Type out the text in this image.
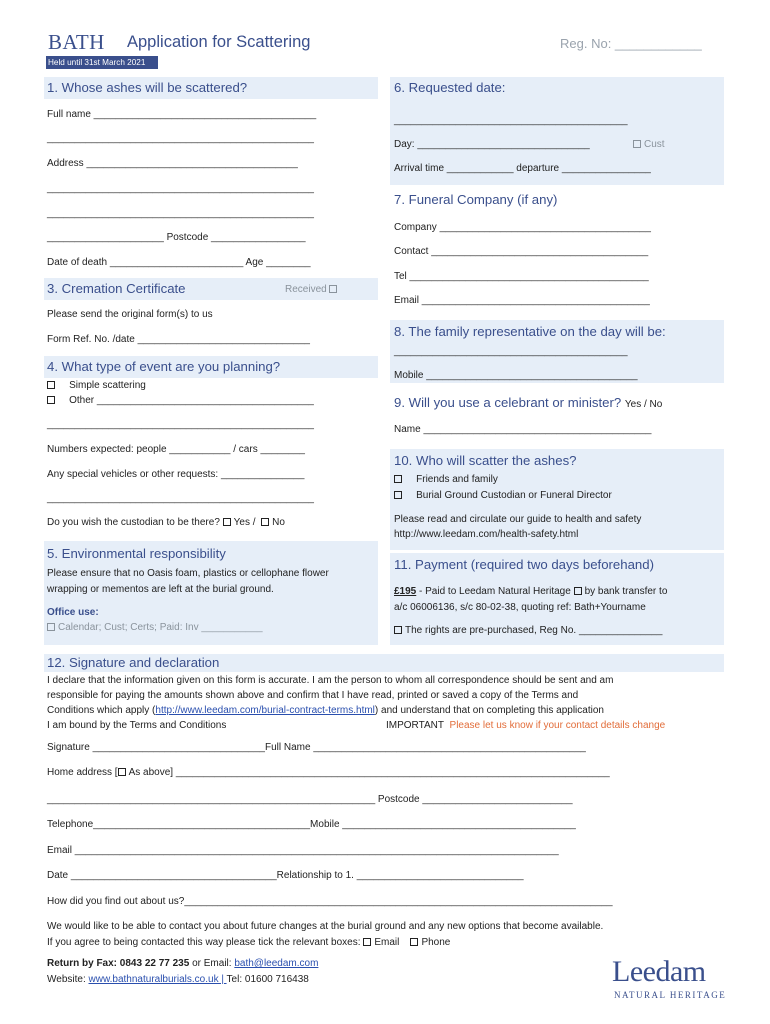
BATH Application for Scattering	Reg. No: ____________
Held until 31st March 2021
1. Whose ashes will be scattered?
Full name ________________________________________
________________________________________________
Address ______________________________________
________________________________________________
________________________________________________
_____________________ Postcode _________________
Date of death ________________________ Age ________
3. Cremation Certificate	Received
Please send the original form(s) to us
Form Ref. No. /date _______________________________
4. What type of event are you planning?
Simple scattering
Other _______________________________________
________________________________________________
Numbers expected: people ___________ / cars ________
Any special vehicles or other requests: _______________
________________________________________________
Do you wish the custodian to be there? Yes / No
5. Environmental responsibility
Please ensure that no Oasis foam, plastics or cellophane flower
wrapping or mementos are left at the burial ground.
Office use:
Calendar; Cust; Certs; Paid: Inv ___________
6. Requested date:
__________________________________________
Day: _______________________________	Cust
Arrival time ____________ departure ________________
7. Funeral Company (if any)
Company ______________________________________
Contact _______________________________________
Tel ___________________________________________
Email _________________________________________
8. The family representative on the day will be:
__________________________________________
Mobile ______________________________________
9. Will you use a celebrant or minister? Yes / No
Name _________________________________________
10. Who will scatter the ashes?
Friends and family
Burial Ground Custodian or Funeral Director
Please read and circulate our guide to health and safety
http://www.leedam.com/health-safety.html
11. Payment (required two days beforehand)
£195 - Paid to Leedam Natural Heritage by bank transfer to
a/c 06006136, s/c 80-02-38, quoting ref: Bath+Yourname
The rights are pre-purchased, Reg No. _______________
12. Signature and declaration
I declare that the information given on this form is accurate. I am the person to whom all correspondence should be sent and am
responsible for paying the amounts shown above and confirm that I have read, printed or saved a copy of the Terms and
Conditions which apply (http://www.leedam.com/burial-contract-terms.html) and understand that on completing this application
I am bound by the Terms and Conditions	IMPORTANT Please let us know if your contact details change
Signature _______________________________Full Name _________________________________________________
Home address [ As above] ______________________________________________________________________________
___________________________________________________________ Postcode ___________________________
Telephone_______________________________________Mobile __________________________________________
Email _______________________________________________________________________________________
Date _____________________________________Relationship to 1. ______________________________
How did you find out about us?_____________________________________________________________________________
We would like to be able to contact you about future changes at the burial ground and any new options that become available.
If you agree to being contacted this way please tick the relevant boxes: Email Phone
Return by Fax: 0843 22 77 235 or Email: bath@leedam.com
Website: www.bathnaturalburials.co.uk | Tel: 01600 716438	Leedam
NATURAL HERITAGE
